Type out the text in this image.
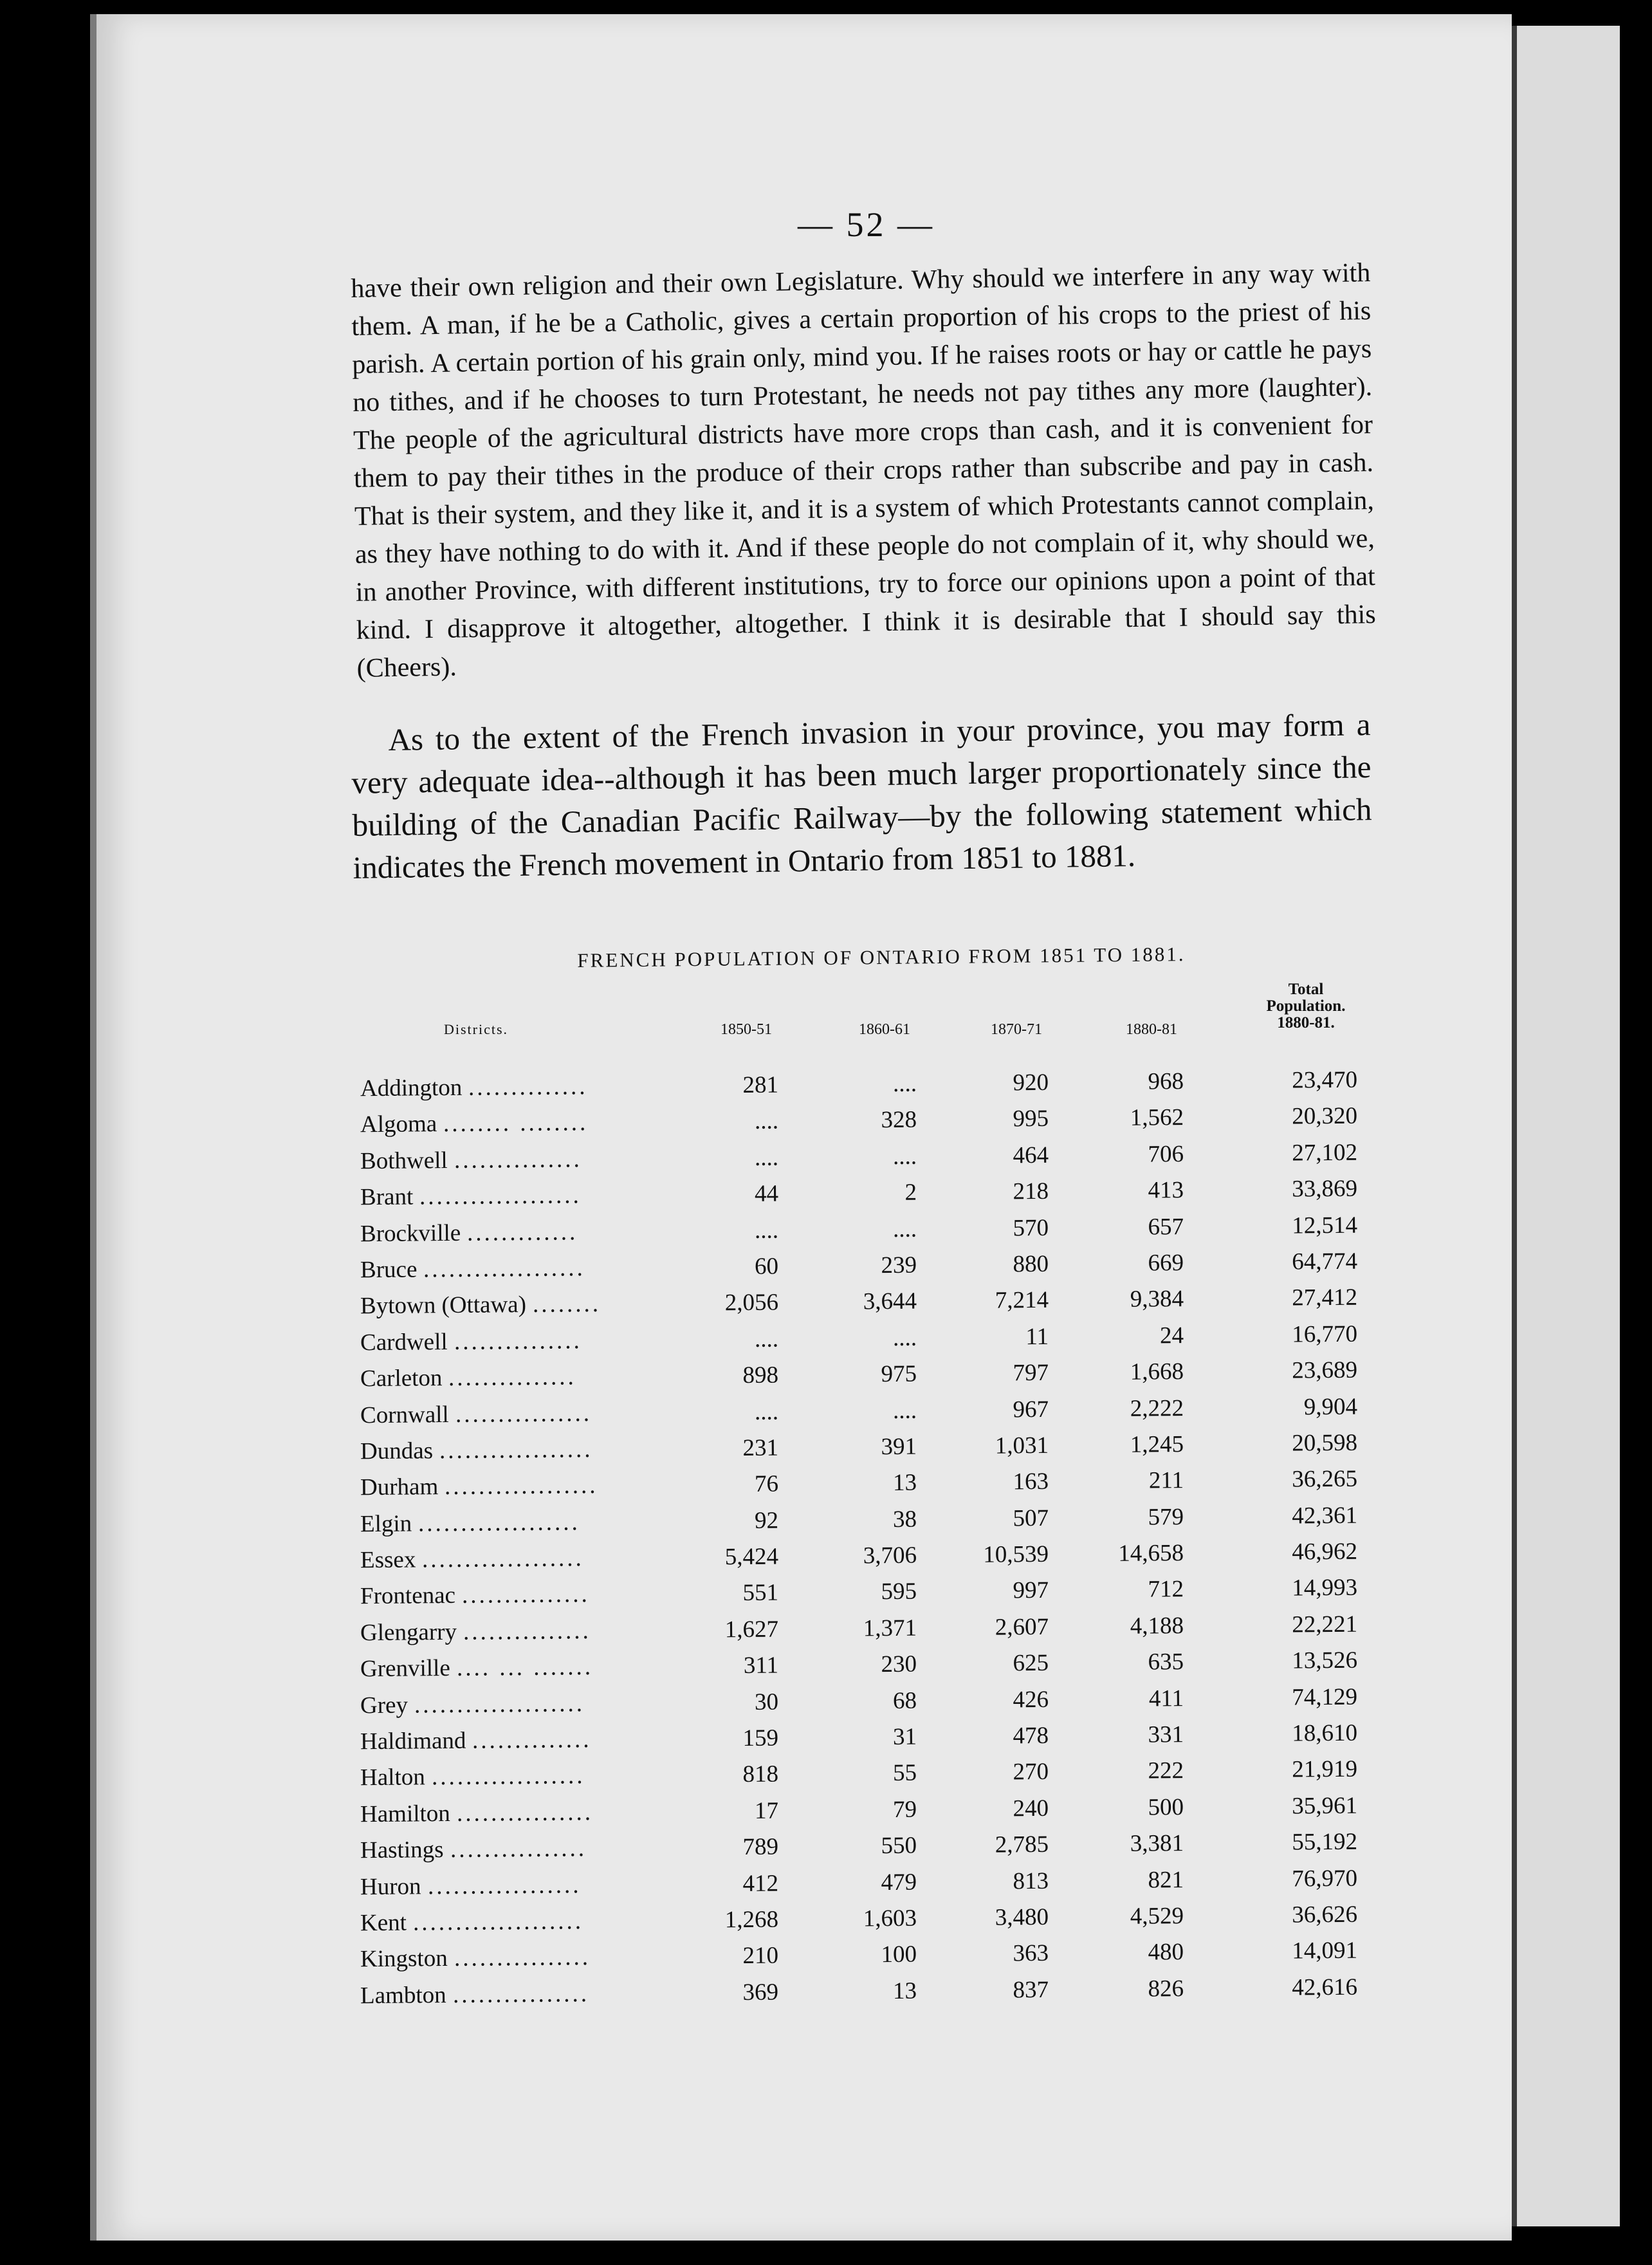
— 52 —

have their own religion and their own Legislature. Why should we interfere in any way with them. A man, if he be a Catholic, gives a certain proportion of his crops to the priest of his parish. A certain portion of his grain only, mind you. If he raises roots or hay or cattle he pays no tithes, and if he chooses to turn Protestant, he needs not pay tithes any more (laughter). The people of the agricultural districts have more crops than cash, and it is convenient for them to pay their tithes in the produce of their crops rather than subscribe and pay in cash. That is their system, and they like it, and it is a system of which Protestants cannot complain, as they have nothing to do with it. And if these people do not complain of it, why should we, in another Province, with different institutions, try to force our opinions upon a point of that kind. I disapprove it altogether, altogether. I think it is desirable that I should say this (Cheers).

As to the extent of the French invasion in your province, you may form a very adequate idea--although it has been much larger proportionately since the building of the Canadian Pacific Railway—by the following statement which indicates the French movement in Ontario from 1851 to 1881.

FRENCH POPULATION OF ONTARIO FROM 1851 TO 1881.
Districts.	1850-51	1860-61	1870-71	1880-81
Total
Population.
1880-81.
Addington ..............	281	....	920	968	23,470
Algoma ........ ........	....	328	995	1,562	20,320
Bothwell ...............	....	....	464	706	27,102
Brant ...................	44	2	218	413	33,869
Brockville .............	....	....	570	657	12,514
Bruce ...................	60	239	880	669	64,774
Bytown (Ottawa) ........	2,056	3,644	7,214	9,384	27,412
Cardwell ...............	....	....	11	24	16,770
Carleton ...............	898	975	797	1,668	23,689
Cornwall ................	....	....	967	2,222	9,904
Dundas ..................	231	391	1,031	1,245	20,598
Durham ..................	76	13	163	211	36,265
Elgin ...................	92	38	507	579	42,361
Essex ...................	5,424	3,706	10,539	14,658	46,962
Frontenac ...............	551	595	997	712	14,993
Glengarry ...............	1,627	1,371	2,607	4,188	22,221
Grenville .... ... .......	311	230	625	635	13,526
Grey ....................	30	68	426	411	74,129
Haldimand ..............	159	31	478	331	18,610
Halton ..................	818	55	270	222	21,919
Hamilton ................	17	79	240	500	35,961
Hastings ................	789	550	2,785	3,381	55,192
Huron ..................	412	479	813	821	76,970
Kent ....................	1,268	1,603	3,480	4,529	36,626
Kingston ................	210	100	363	480	14,091
Lambton ................	369	13	837	826	42,616
